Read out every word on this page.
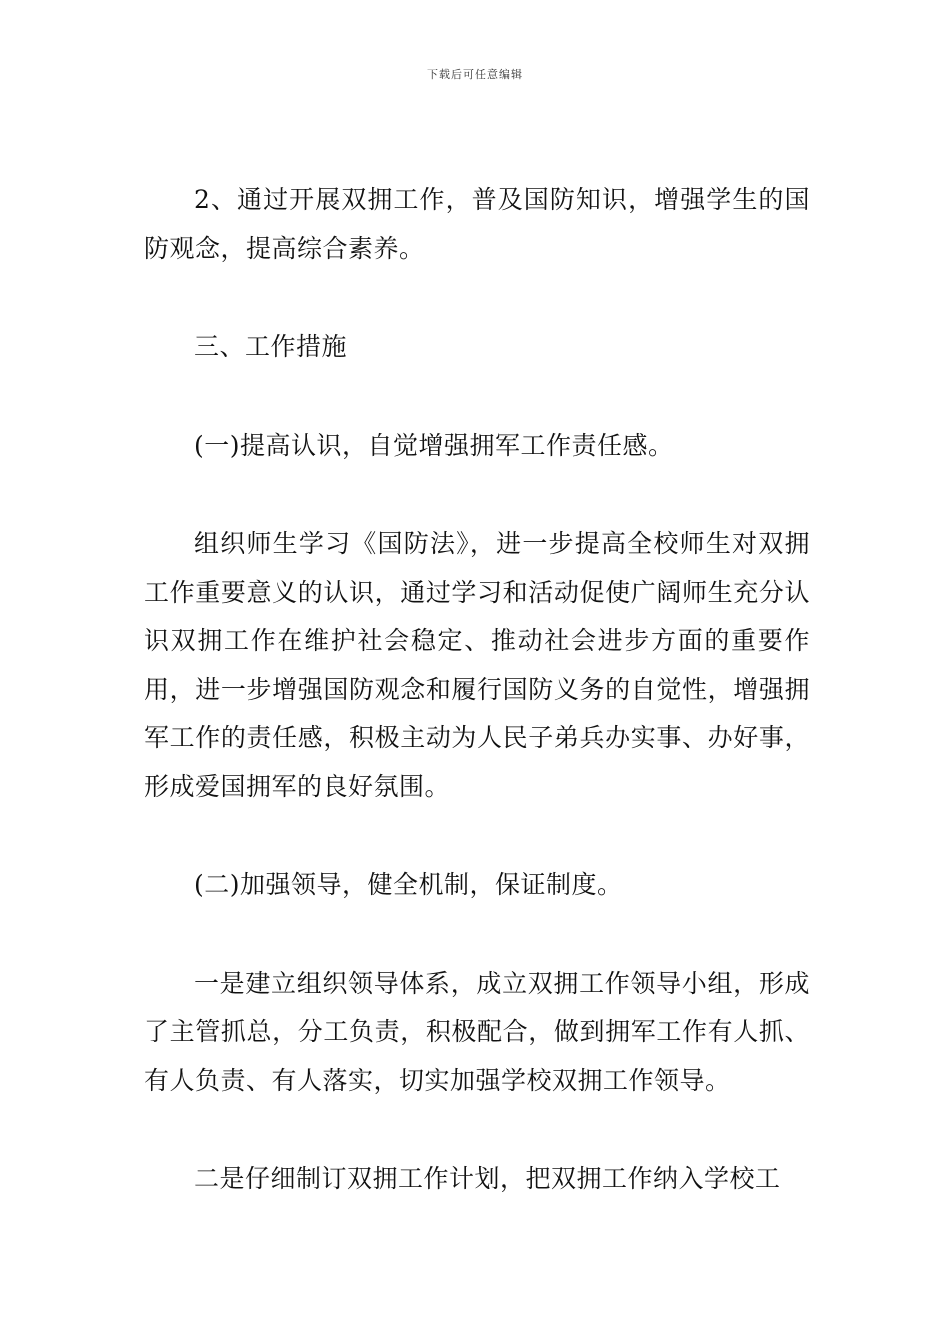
下载后可任意编辑

2、通过开展双拥工作，普及国防知识，增强学生的国防观念，提高综合素养。

三、工作措施

(一)提高认识，自觉增强拥军工作责任感。

组织师生学习《国防法》，进一步提高全校师生对双拥工作重要意义的认识，通过学习和活动促使广阔师生充分认识双拥工作在维护社会稳定、推动社会进步方面的重要作用，进一步增强国防观念和履行国防义务的自觉性，增强拥军工作的责任感，积极主动为人民子弟兵办实事、办好事，形成爱国拥军的良好氛围。

(二)加强领导，健全机制，保证制度。

一是建立组织领导体系，成立双拥工作领导小组，形成了主管抓总，分工负责，积极配合，做到拥军工作有人抓、有人负责、有人落实，切实加强学校双拥工作领导。

二是仔细制订双拥工作计划，把双拥工作纳入学校工
